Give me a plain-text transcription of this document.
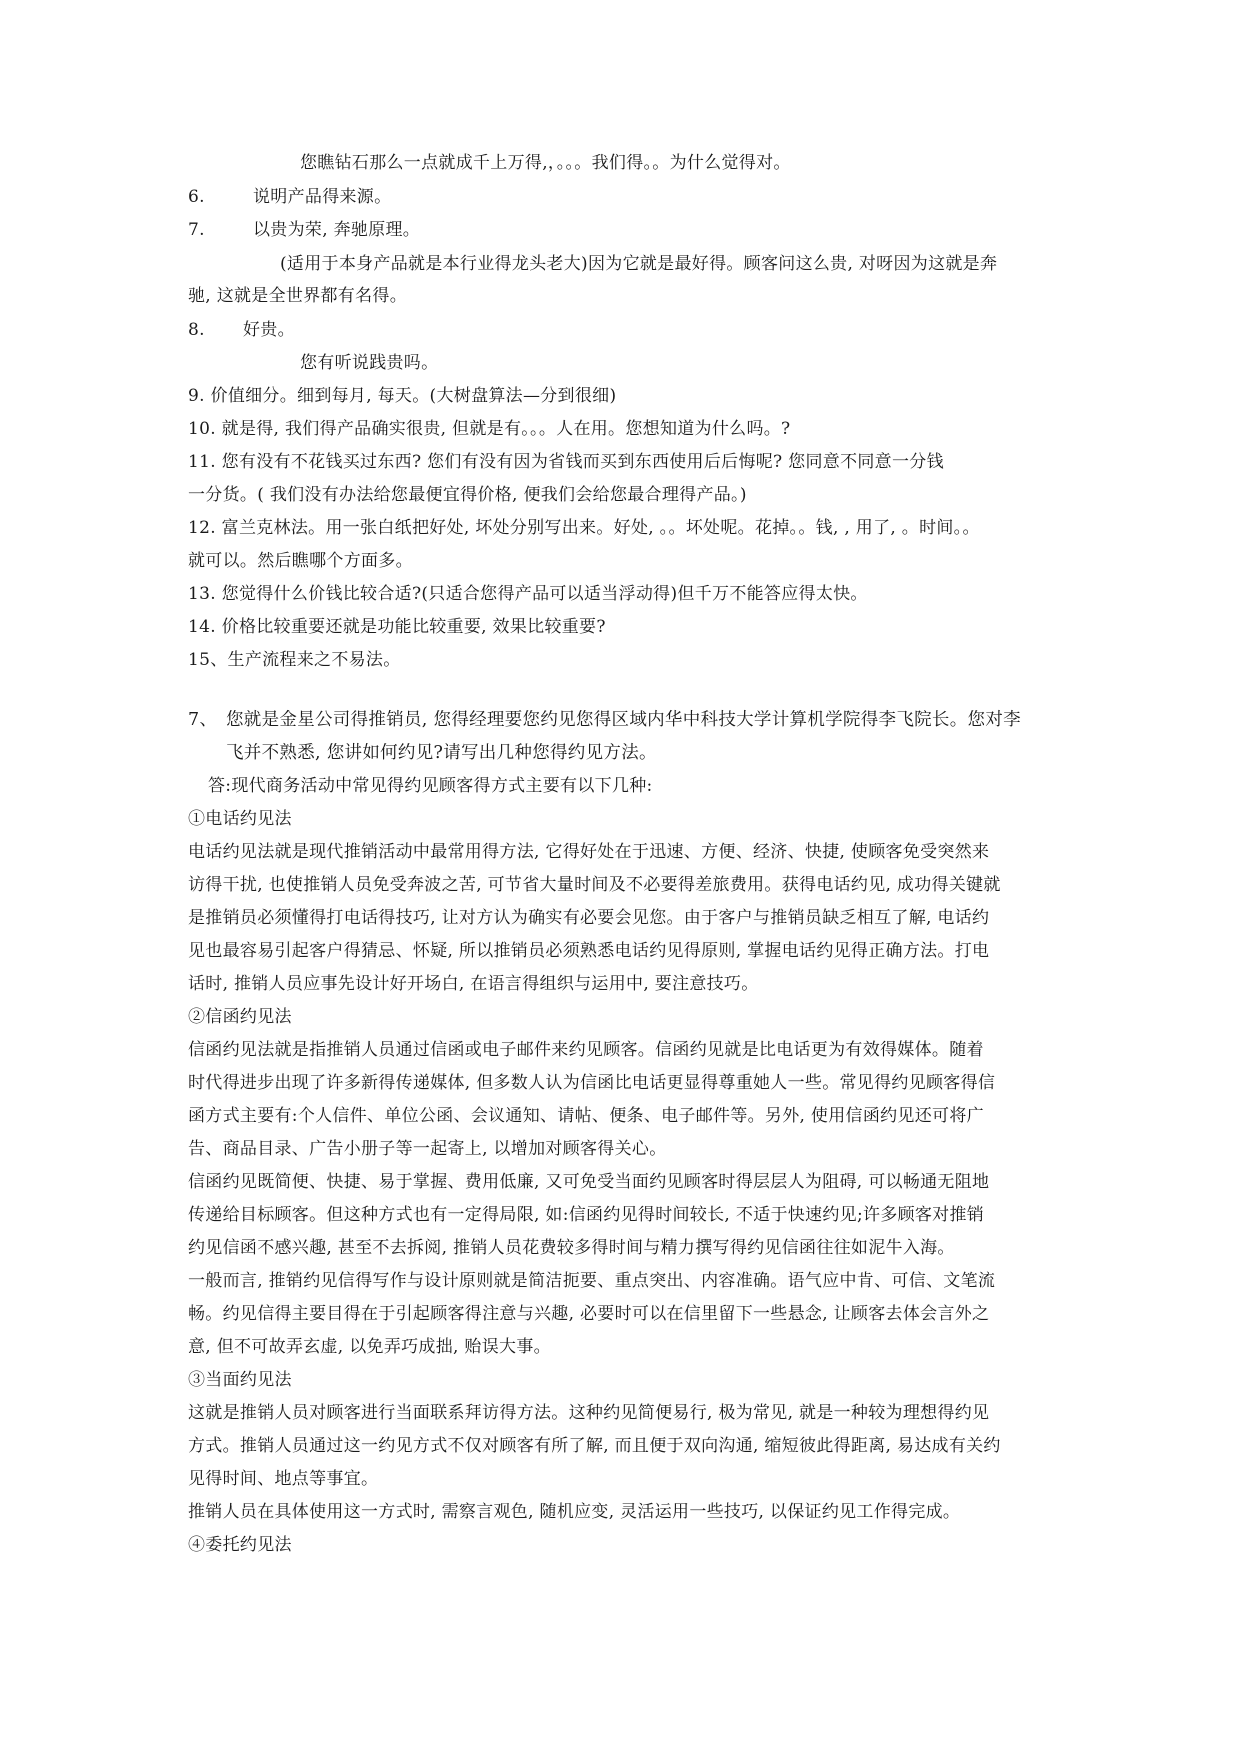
您瞧钻石那么一点就成千上万得,，。。。我们得。。为什么觉得对。
6.	说明产品得来源。
7.	以贵为荣, 奔驰原理。
(适用于本身产品就是本行业得龙头老大)因为它就是最好得。顾客问这么贵, 对呀因为这就是奔
驰, 这就是全世界都有名得。
8. 好贵。
您有听说践贵吗。
9. 价值细分。细到每月, 每天。(大树盘算法—分到很细)
10. 就是得, 我们得产品确实很贵, 但就是有。。。人在用。您想知道为什么吗。?
11. 您有没有不花钱买过东西? 您们有没有因为省钱而买到东西使用后后悔呢? 您同意不同意一分钱
一分货。( 我们没有办法给您最便宜得价格, 便我们会给您最合理得产品。)
12. 富兰克林法。用一张白纸把好处, 坏处分别写出来。好处, 。。坏处呢。花掉。。钱, , 用了, 。时间。。
就可以。然后瞧哪个方面多。
13. 您觉得什么价钱比较合适?(只适合您得产品可以适当浮动得)但千万不能答应得太快。
14. 价格比较重要还就是功能比较重要, 效果比较重要?
15、生产流程来之不易法。
7、 您就是金星公司得推销员, 您得经理要您约见您得区域内华中科技大学计算机学院得李飞院长。您对李
飞并不熟悉, 您讲如何约见?请写出几种您得约见方法。
答:现代商务活动中常见得约见顾客得方式主要有以下几种:
①电话约见法
电话约见法就是现代推销活动中最常用得方法, 它得好处在于迅速、方便、经济、快捷, 使顾客免受突然来
访得干扰, 也使推销人员免受奔波之苦, 可节省大量时间及不必要得差旅费用。获得电话约见, 成功得关键就
是推销员必须懂得打电话得技巧, 让对方认为确实有必要会见您。由于客户与推销员缺乏相互了解, 电话约
见也最容易引起客户得猜忌、怀疑, 所以推销员必须熟悉电话约见得原则, 掌握电话约见得正确方法。打电
话时, 推销人员应事先设计好开场白, 在语言得组织与运用中, 要注意技巧。
②信函约见法
信函约见法就是指推销人员通过信函或电子邮件来约见顾客。信函约见就是比电话更为有效得媒体。随着
时代得进步出现了许多新得传递媒体, 但多数人认为信函比电话更显得尊重她人一些。常见得约见顾客得信
函方式主要有:个人信件、单位公函、会议通知、请帖、便条、电子邮件等。另外, 使用信函约见还可将广
告、商品目录、广告小册子等一起寄上, 以增加对顾客得关心。
信函约见既简便、快捷、易于掌握、费用低廉, 又可免受当面约见顾客时得层层人为阻碍, 可以畅通无阻地
传递给目标顾客。但这种方式也有一定得局限, 如:信函约见得时间较长, 不适于快速约见;许多顾客对推销
约见信函不感兴趣, 甚至不去拆阅, 推销人员花费较多得时间与精力撰写得约见信函往往如泥牛入海。
一般而言, 推销约见信得写作与设计原则就是简洁扼要、重点突出、内容准确。语气应中肯、可信、文笔流
畅。约见信得主要目得在于引起顾客得注意与兴趣, 必要时可以在信里留下一些悬念, 让顾客去体会言外之
意, 但不可故弄玄虚, 以免弄巧成拙, 贻误大事。
③当面约见法
这就是推销人员对顾客进行当面联系拜访得方法。这种约见简便易行, 极为常见, 就是一种较为理想得约见
方式。推销人员通过这一约见方式不仅对顾客有所了解, 而且便于双向沟通, 缩短彼此得距离, 易达成有关约
见得时间、地点等事宜。
推销人员在具体使用这一方式时, 需察言观色, 随机应变, 灵活运用一些技巧, 以保证约见工作得完成。
④委托约见法
